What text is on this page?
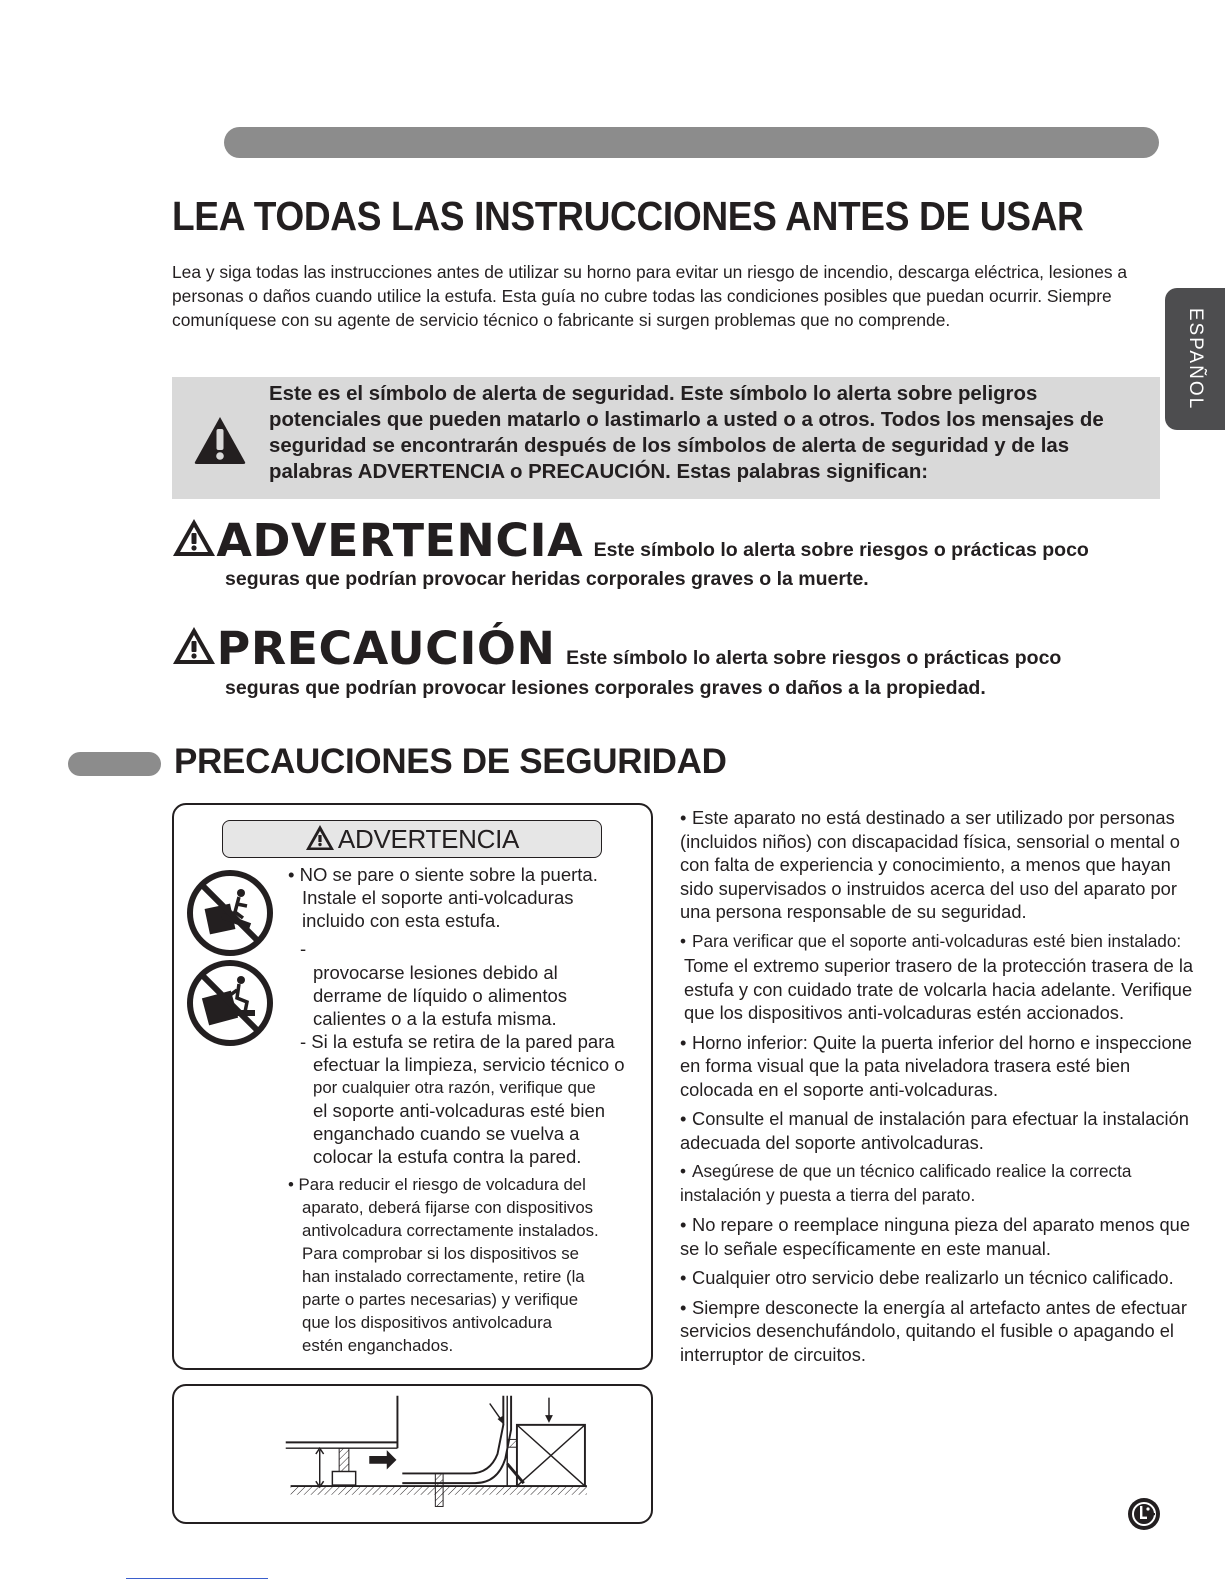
LEA TODAS LAS INSTRUCCIONES ANTES DE USAR

Lea y siga todas las instrucciones antes de utilizar su horno para evitar un riesgo de incendio, descarga eléctrica, lesiones a personas o daños cuando utilice la estufa. Esta guía no cubre todas las condiciones posibles que puedan ocurrir. Siempre comuníquese con su agente de servicio técnico o fabricante si surgen problemas que no comprende.	ESPAÑOL

Este es el símbolo de alerta de seguridad. Este símbolo lo alerta sobre peligros potenciales que pueden matarlo o lastimarlo a usted o a otros. Todos los mensajes de seguridad se encontrarán después de los símbolos de alerta de seguridad y de las palabras ADVERTENCIA o PRECAUCIÓN. Estas palabras significan:

ADVERTENCIA Este símbolo lo alerta sobre riesgos o prácticas poco
seguras que podrían provocar heridas corporales graves o la muerte.
PRECAUCIÓN Este símbolo lo alerta sobre riesgos o prácticas poco
seguras que podrían provocar lesiones corporales graves o daños a la propiedad.
PRECAUCIONES DE SEGURIDAD
ADVERTENCIA

• NO se pare o siente sobre la puerta.

Instale el soporte anti-volcaduras

incluido con esta estufa.

-

provocarse lesiones debido al

derrame de líquido o alimentos

calientes o a la estufa misma.

- Si la estufa se retira de la pared para

efectuar la limpieza, servicio técnico o

por cualquier otra razón, verifique que

el soporte anti-volcaduras esté bien

enganchado cuando se vuelva a

colocar la estufa contra la pared.

• Para reducir el riesgo de volcadura del

aparato, deberá fijarse con dispositivos

antivolcadura correctamente instalados.

Para comprobar si los dispositivos se

han instalado correctamente, retire (la

parte o partes necesarias) y verifique

que los dispositivos antivolcadura

estén enganchados.

• Este aparato no está destinado a ser utilizado por personas (incluidos niños) con discapacidad física, sensorial o mental o con falta de experiencia y conocimiento, a menos que hayan sido supervisados o instruidos acerca del uso del aparato por una persona responsable de su seguridad.

• Para verificar que el soporte anti-volcaduras esté bien instalado:

Tome el extremo superior trasero de la protección trasera de la estufa y con cuidado trate de volcarla hacia adelante. Verifique que los dispositivos anti-volcaduras estén accionados.

• Horno inferior: Quite la puerta inferior del horno e inspeccione en forma visual que la pata niveladora trasera esté bien colocada en el soporte anti-volcaduras.

• Consulte el manual de instalación para efectuar la instalación adecuada del soporte antivolcaduras.

• Asegúrese de que un técnico calificado realice la correcta instalación y puesta a tierra del parato.

• No repare o reemplace ninguna pieza del aparato menos que se lo señale específicamente en este manual.

• Cualquier otro servicio debe realizarlo un técnico calificado.

• Siempre desconecte la energía al artefacto antes de efectuar servicios desenchufándolo, quitando el fusible o apagando el interruptor de circuitos.
